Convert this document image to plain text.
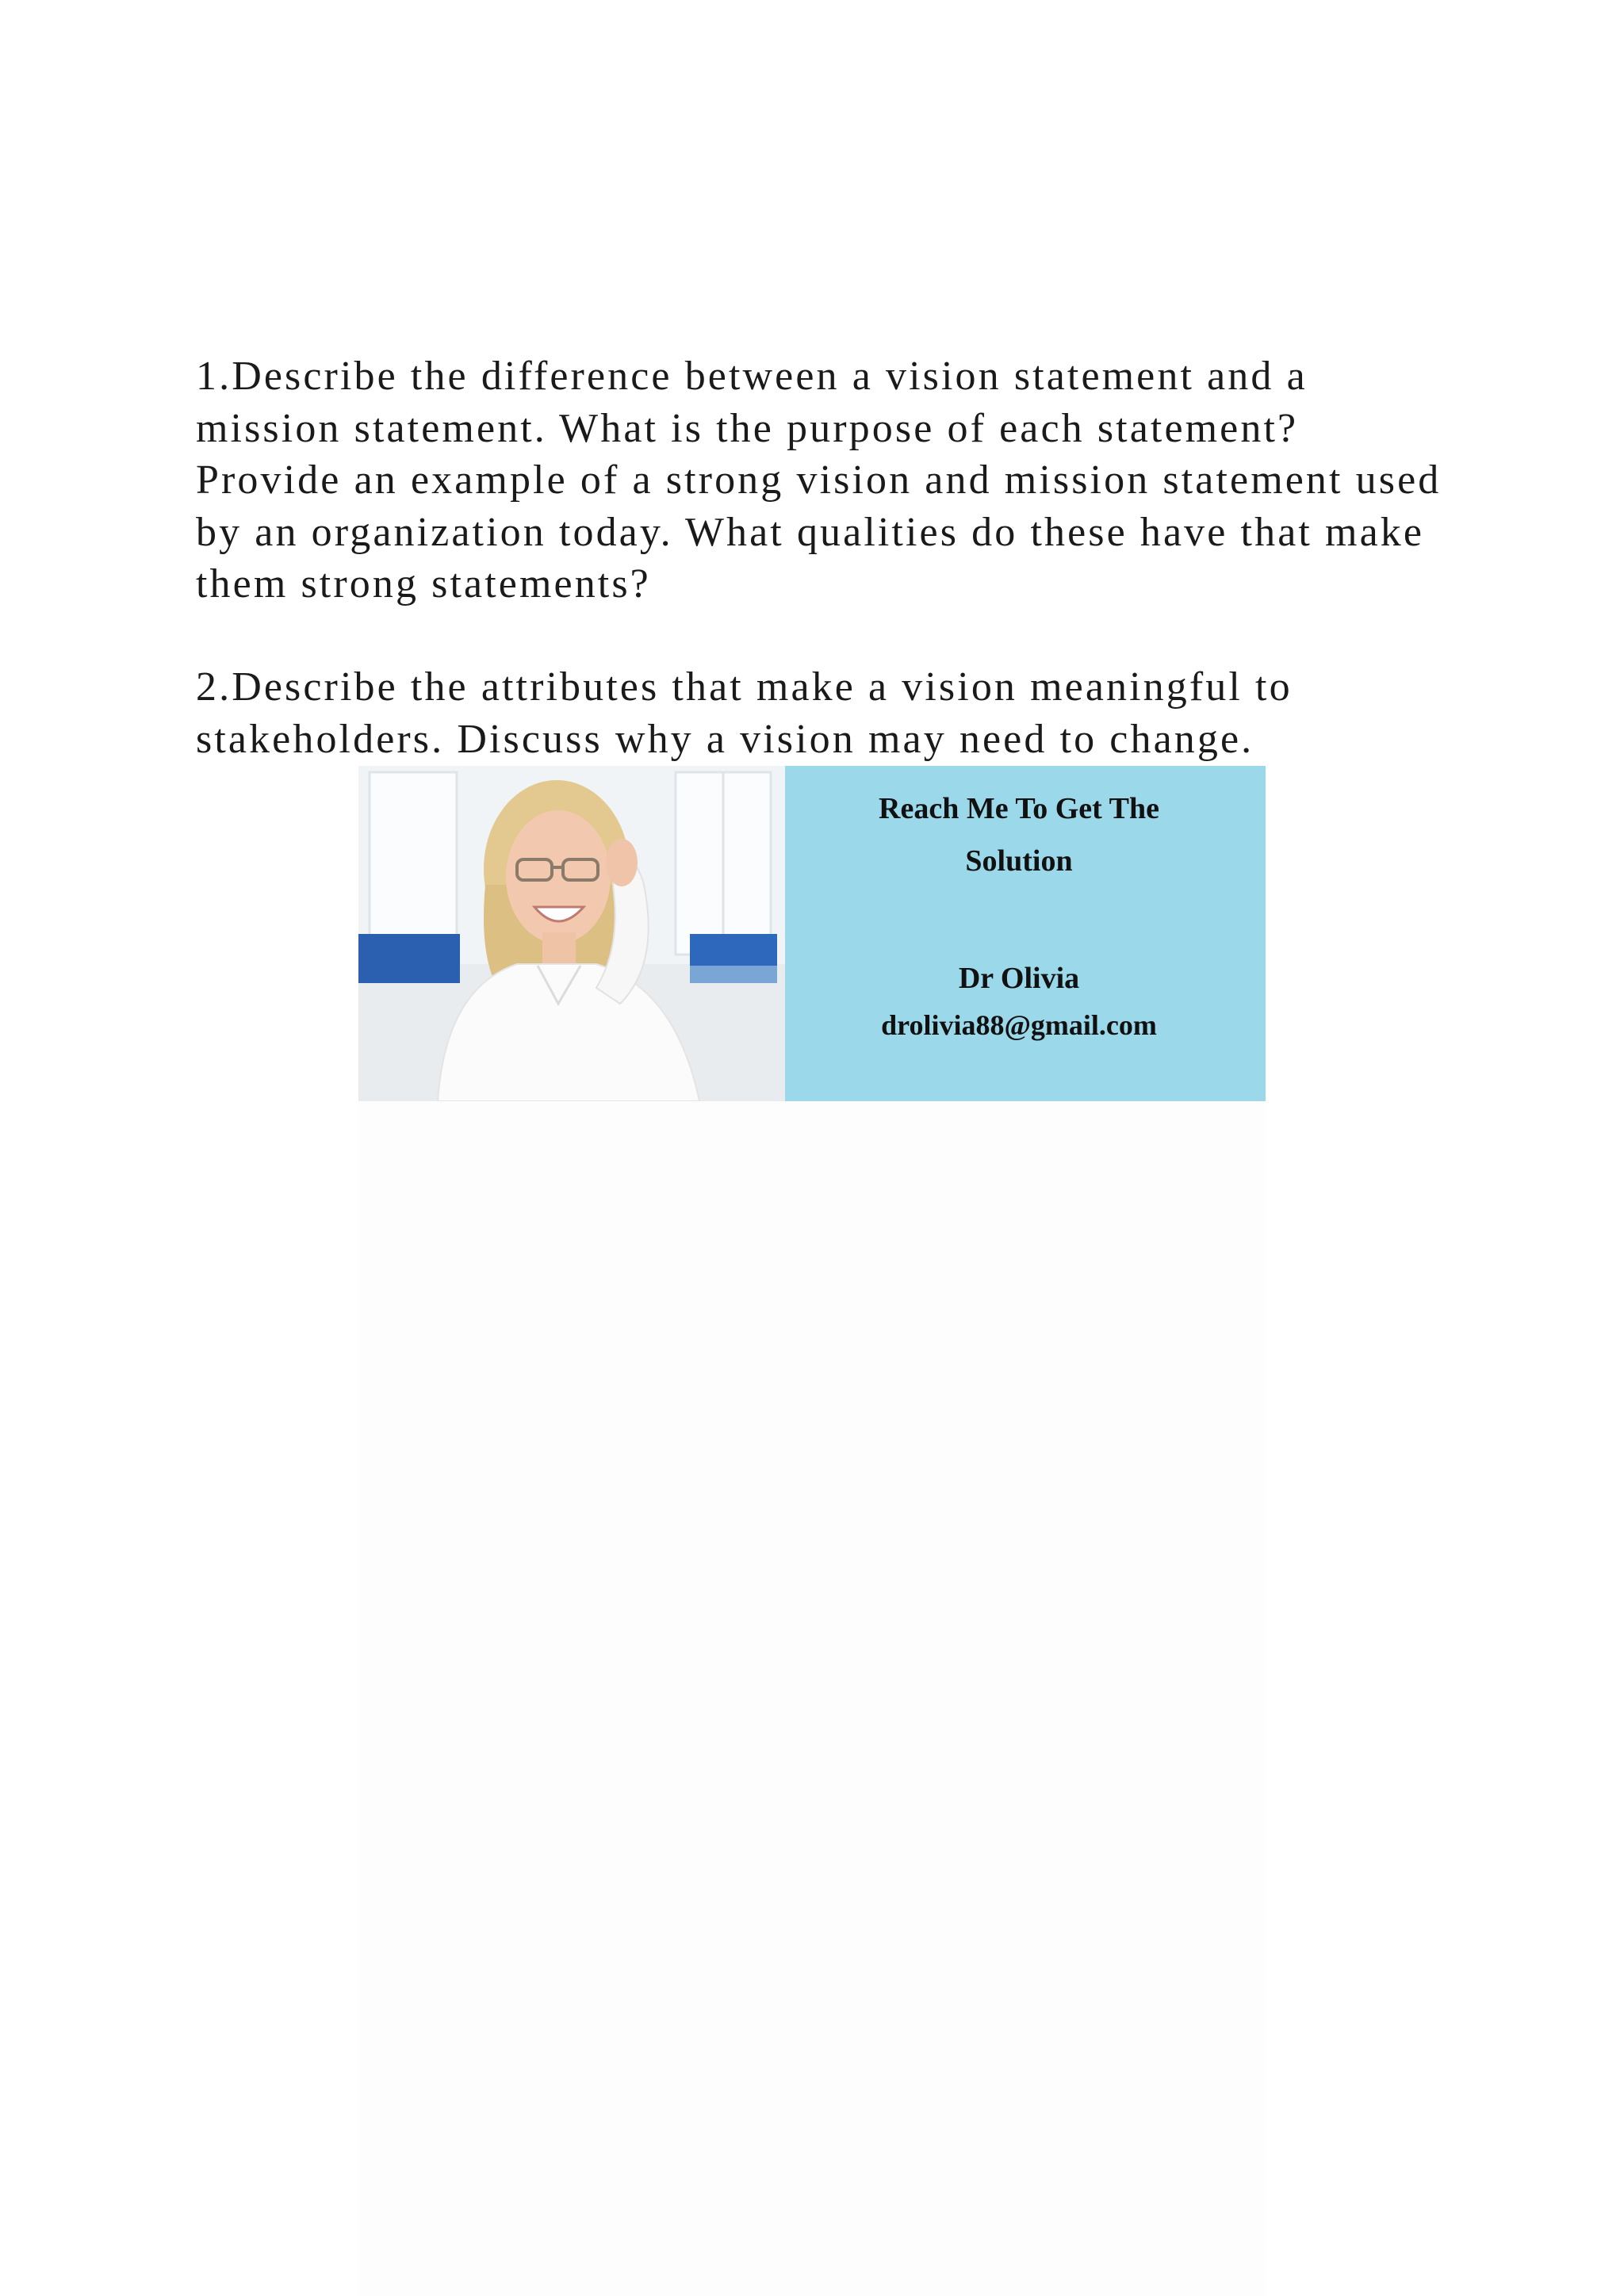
1.Describe the difference between a vision statement and a mission statement. What is the purpose of each statement? Provide an example of a strong vision and mission statement used by an organization today. What qualities do these have that make them strong statements?

2.Describe the attributes that make a vision meaningful to stakeholders. Discuss why a vision may need to change.

Reach Me To Get The
Solution
Dr Olivia
drolivia88@gmail.com
